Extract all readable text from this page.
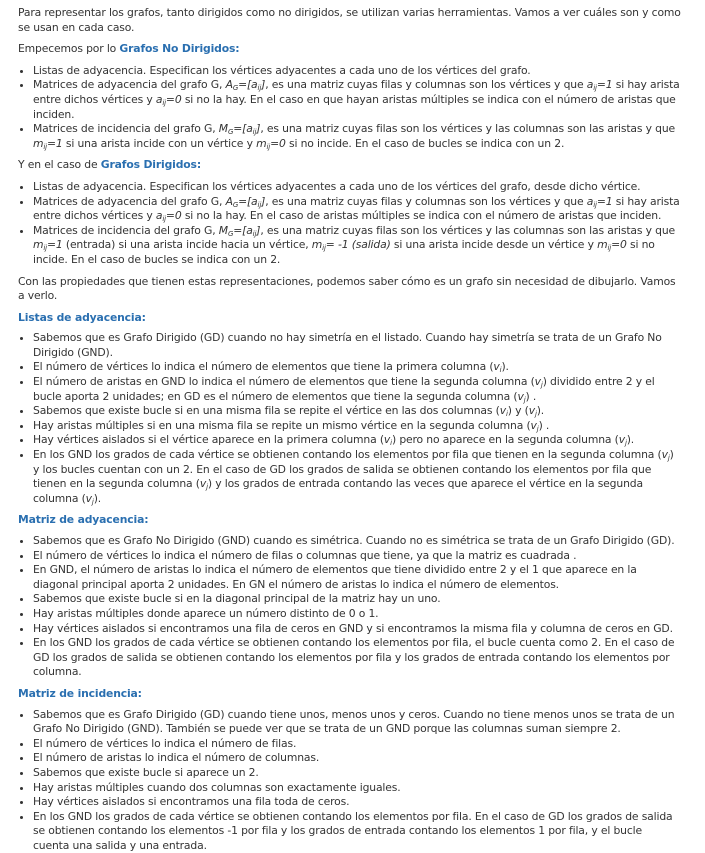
Para representar los grafos, tanto dirigidos como no dirigidos, se utilizan varias herramientas. Vamos a ver cuáles son y como se usan en cada caso.

Empecemos por lo Grafos No Dirigidos:

• Listas de adyacencia. Especifican los vértices adyacentes a cada uno de los vértices del grafo.
• Matrices de adyacencia del grafo G, $A_G=[a_{ij}]$, es una matriz cuyas filas y columnas son los vértices y que $a_{ij}=1$ si hay arista entre dichos vértices y $a_{ij}=0$ si no la hay. En el caso en que hayan aristas múltiples se indica con el número de aristas que inciden.
• Matrices de incidencia del grafo G, $M_G=[a_{ij}]$, es una matriz cuyas filas son los vértices y las columnas son las aristas y que $m_{ij}=1$ si una arista incide con un vértice y $m_{ij}=0$ si no incide. En el caso de bucles se indica con un 2.

Y en el caso de Grafos Dirigidos:

• Listas de adyacencia. Especifican los vértices adyacentes a cada uno de los vértices del grafo, desde dicho vértice.
• Matrices de adyacencia del grafo G, $A_G=[a_{ij}]$, es una matriz cuyas filas y columnas son los vértices y que $a_{ij}=1$ si hay arista entre dichos vértices y $a_{ij}=0$ si no la hay. En el caso de aristas múltiples se indica con el número de aristas que inciden.
• Matrices de incidencia del grafo G, $M_G=[a_{ij}]$, es una matriz cuyas filas son los vértices y las columnas son las aristas y que $m_{ij}=1$ (entrada) si una arista incide hacia un vértice, $m_{ij}= -1$ (salida) si una arista incide desde un vértice y $m_{ij}=0$ si no incide. En el caso de bucles se indica con un 2.

Con las propiedades que tienen estas representaciones, podemos saber cómo es un grafo sin necesidad de dibujarlo. Vamos a verlo.

Listas de adyacencia:
• Sabemos que es Grafo Dirigido (GD) cuando no hay simetría en el listado. Cuando hay simetría se trata de un Grafo No Dirigido (GND).
• El número de vértices lo indica el número de elementos que tiene la primera columna $(v_i)$.
• El número de aristas en GND lo indica el número de elementos que tiene la segunda columna $(v_j)$ dividido entre 2 y el bucle aporta 2 unidades; en GD es el número de elementos que tiene la segunda columna $(v_j)$ .
• Sabemos que existe bucle si en una misma fila se repite el vértice en las dos columnas $(v_i)$ y $(v_j)$.
• Hay aristas múltiples si en una misma fila se repite un mismo vértice en la segunda columna $(v_j)$ .
• Hay vértices aislados si el vértice aparece en la primera columna $(v_i)$ pero no aparece en la segunda columna $(v_j)$.
• En los GND los grados de cada vértice se obtienen contando los elementos por fila que tienen en la segunda columna $(v_j)$ y los bucles cuentan con un 2. En el caso de GD los grados de salida se obtienen contando los elementos por fila que tienen en la segunda columna $(v_j)$ y los grados de entrada contando las veces que aparece el vértice en la segunda columna $(v_j)$.
Matriz de adyacencia:
• Sabemos que es Grafo No Dirigido (GND) cuando es simétrica. Cuando no es simétrica se trata de un Grafo Dirigido (GD).
• El número de vértices lo indica el número de filas o columnas que tiene, ya que la matriz es cuadrada .
• En GND, el número de aristas lo indica el número de elementos que tiene dividido entre 2 y el 1 que aparece en la diagonal principal aporta 2 unidades. En GN el número de aristas lo indica el número de elementos.
• Sabemos que existe bucle si en la diagonal principal de la matriz hay un uno.
• Hay aristas múltiples donde aparece un número distinto de 0 o 1.
• Hay vértices aislados si encontramos una fila de ceros en GND y si encontramos la misma fila y columna de ceros en GD.
• En los GND los grados de cada vértice se obtienen contando los elementos por fila, el bucle cuenta como 2. En el caso de GD los grados de salida se obtienen contando los elementos por fila y los grados de entrada contando los elementos por columna.
Matriz de incidencia:
• Sabemos que es Grafo Dirigido (GD) cuando tiene unos, menos unos y ceros. Cuando no tiene menos unos se trata de un Grafo No Dirigido (GND). También se puede ver que se trata de un GND porque las columnas suman siempre 2.
• El número de vértices lo indica el número de filas.
• El número de aristas lo indica el número de columnas.
• Sabemos que existe bucle si aparece un 2.
• Hay aristas múltiples cuando dos columnas son exactamente iguales.
• Hay vértices aislados si encontramos una fila toda de ceros.
• En los GND los grados de cada vértice se obtienen contando los elementos por fila. En el caso de GD los grados de salida se obtienen contando los elementos -1 por fila y los grados de entrada contando los elementos 1 por fila, y el bucle cuenta una salida y una entrada.
